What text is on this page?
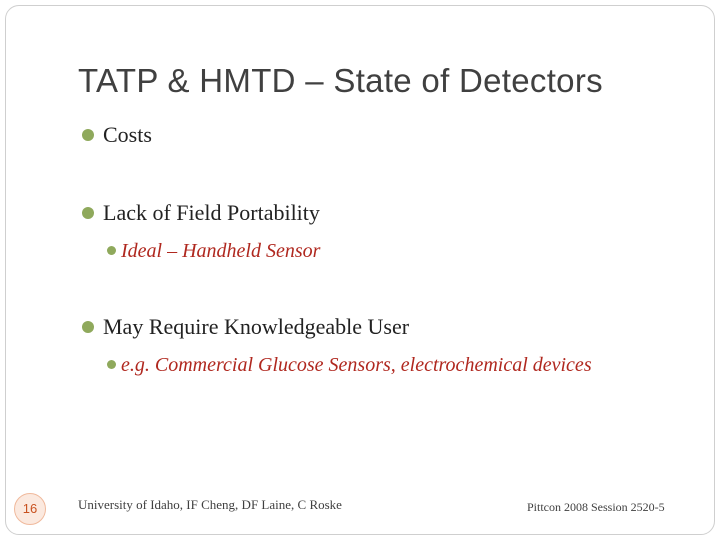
TATP & HMTD – State of Detectors
Costs
Lack of Field Portability
Ideal – Handheld Sensor
May Require Knowledgeable User
e.g. Commercial Glucose Sensors, electrochemical devices
16	University of Idaho, IF Cheng, DF Laine, C Roske	Pittcon 2008 Session 2520-5
